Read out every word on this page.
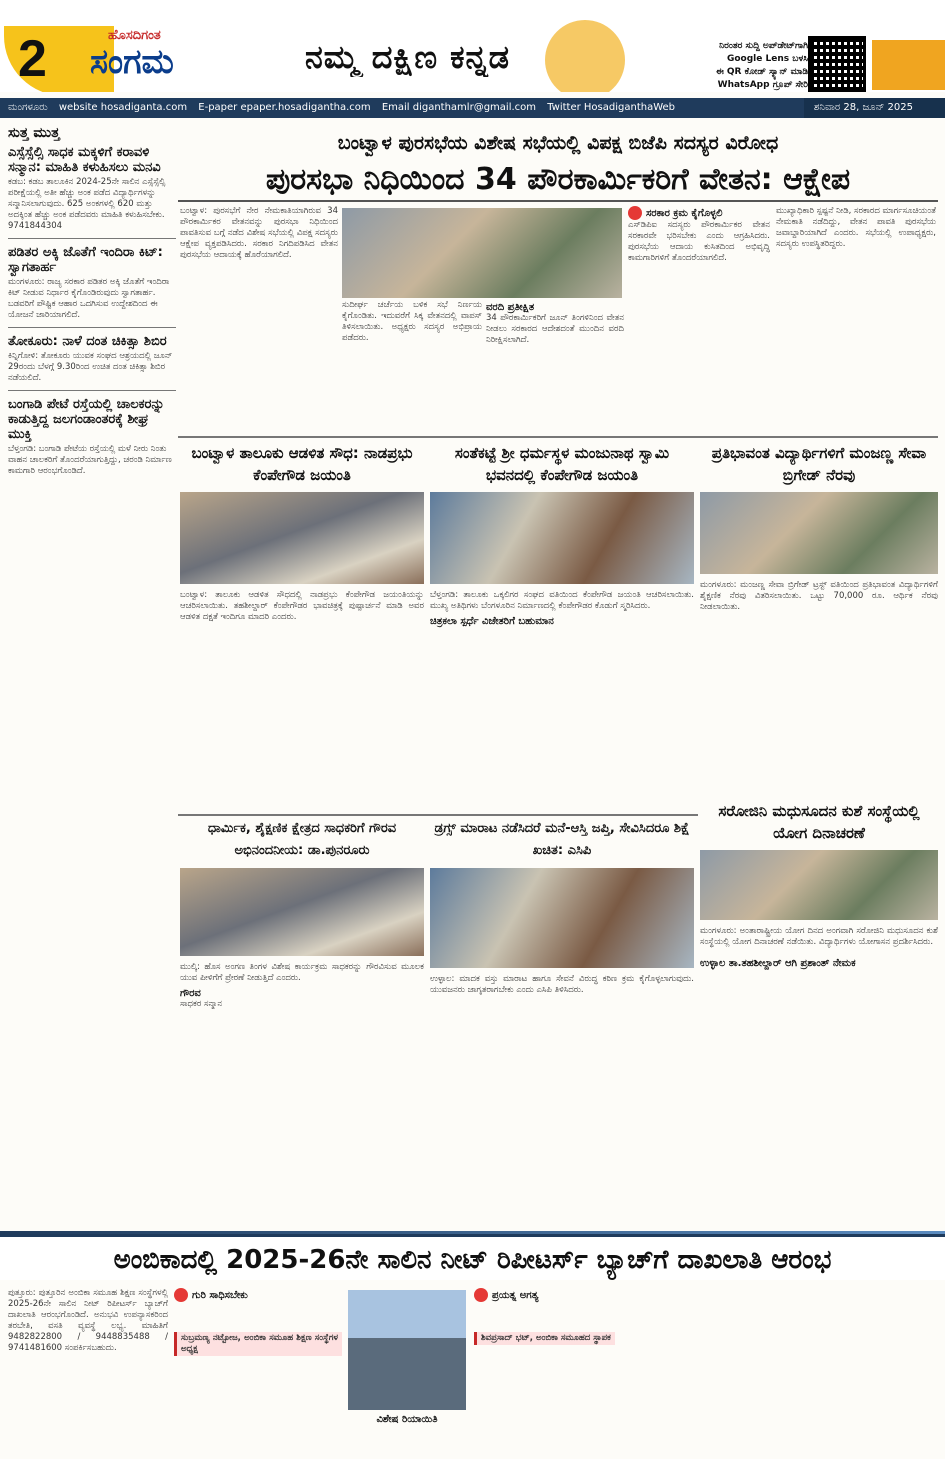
2	ಹೊಸದಿಗಂತ
ಸಂಗಮ	ನಮ್ಮ ದಕ್ಷಿಣ ಕನ್ನಡ	ನಿರಂತರ ಸುದ್ದಿ ಅಪ್‌ಡೇಟ್‌ಗಾಗಿ
Google Lens ಬಳಸಿ
ಈ QR ಕೋಡ್ ಸ್ಕ್ಯಾನ್ ಮಾಡಿ
WhatsApp ಗ್ರೂಪ್ ಸೇರಿ
ಮಂಗಳೂರು website hosadiganta.com E-paper epaper.hosadigantha.com Email diganthamlr@gmail.com Twitter HosadiganthaWeb	ಶನಿವಾರ 28, ಜೂನ್ 2025
ಸುತ್ತ ಮುತ್ತ
ಎಸ್ಸೆಸ್ಸೆಲ್ಸಿ ಸಾಧಕ ಮಕ್ಕಳಿಗೆ ಕರಾವಳಿ ಸನ್ಮಾನ: ಮಾಹಿತಿ ಕಳುಹಿಸಲು ಮನವಿ

ಕಡಬ: ಕಡಬ ತಾಲೂಕಿನ 2024-25ನೇ ಸಾಲಿನ ಎಸ್ಸೆಸ್ಸೆಲ್ಸಿ ಪರೀಕ್ಷೆಯಲ್ಲಿ ಅತೀ ಹೆಚ್ಚು ಅಂಕ ಪಡೆದ ವಿದ್ಯಾರ್ಥಿಗಳನ್ನು ಸನ್ಮಾನಿಸಲಾಗುವುದು. 625 ಅಂಕಗಳಲ್ಲಿ 620 ಮತ್ತು ಅದಕ್ಕಿಂತ ಹೆಚ್ಚು ಅಂಕ ಪಡೆದವರು ಮಾಹಿತಿ ಕಳುಹಿಸಬೇಕು. 9741844304

ಪಡಿತರ ಅಕ್ಕಿ ಜೊತೆಗೆ ಇಂದಿರಾ ಕಿಟ್: ಸ್ವಾಗತಾರ್ಹ

ಮಂಗಳೂರು: ರಾಜ್ಯ ಸರಕಾರ ಪಡಿತರ ಅಕ್ಕಿ ಜೊತೆಗೆ ಇಂದಿರಾ ಕಿಟ್ ನೀಡುವ ನಿರ್ಧಾರ ಕೈಗೊಂಡಿರುವುದು ಸ್ವಾಗತಾರ್ಹ. ಬಡವರಿಗೆ ಪೌಷ್ಟಿಕ ಆಹಾರ ಒದಗಿಸುವ ಉದ್ದೇಶದಿಂದ ಈ ಯೋಜನೆ ಜಾರಿಯಾಗಲಿದೆ.

ತೋಕೂರು: ನಾಳೆ ದಂತ ಚಿಕಿತ್ಸಾ ಶಿಬಿರ

ಕಿನ್ನಿಗೋಳಿ: ತೋಕೂರು ಯುವಕ ಸಂಘದ ಆಶ್ರಯದಲ್ಲಿ ಜೂನ್ 29ರಂದು ಬೆಳಗ್ಗೆ 9.30ರಿಂದ ಉಚಿತ ದಂತ ಚಿಕಿತ್ಸಾ ಶಿಬಿರ ನಡೆಯಲಿದೆ.

ಬಂಗಾಡಿ ಪೇಟೆ ರಸ್ತೆಯಲ್ಲಿ ಚಾಲಕರನ್ನು ಕಾಡುತ್ತಿದ್ದ ಜಲಗಂಡಾಂತರಕ್ಕೆ ಶೀಘ್ರ ಮುಕ್ತಿ

ಬೆಳ್ತಂಗಡಿ: ಬಂಗಾಡಿ ಪೇಟೆಯ ರಸ್ತೆಯಲ್ಲಿ ಮಳೆ ನೀರು ನಿಂತು ವಾಹನ ಚಾಲಕರಿಗೆ ತೊಂದರೆಯಾಗುತ್ತಿದ್ದು, ಚರಂಡಿ ನಿರ್ಮಾಣ ಕಾಮಗಾರಿ ಆರಂಭಗೊಂಡಿದೆ.

ಬಂಟ್ವಾಳ ಪುರಸಭೆಯ ವಿಶೇಷ ಸಭೆಯಲ್ಲಿ ವಿಪಕ್ಷ ಬಿಜೆಪಿ ಸದಸ್ಯರ ವಿರೋಧ
ಪುರಸಭಾ ನಿಧಿಯಿಂದ 34 ಪೌರಕಾರ್ಮಿಕರಿಗೆ ವೇತನ: ಆಕ್ಷೇಪ
ಬಂಟ್ವಾಳ: ಪುರಸಭೆಗೆ ನೇರ ನೇಮಕಾತಿಯಾಗಿರುವ 34 ಪೌರಕಾರ್ಮಿಕರ ವೇತನವನ್ನು ಪುರಸಭಾ ನಿಧಿಯಿಂದ ಪಾವತಿಸುವ ಬಗ್ಗೆ ನಡೆದ ವಿಶೇಷ ಸಭೆಯಲ್ಲಿ ವಿಪಕ್ಷ ಸದಸ್ಯರು ಆಕ್ಷೇಪ ವ್ಯಕ್ತಪಡಿಸಿದರು. ಸರಕಾರ ನಿಗದಿಪಡಿಸಿದ ವೇತನ ಪುರಸಭೆಯ ಆದಾಯಕ್ಕೆ ಹೊರೆಯಾಗಲಿದೆ.
ಸುದೀರ್ಘ ಚರ್ಚೆಯ ಬಳಿಕ ಸಭೆ ನಿರ್ಣಯ ಕೈಗೊಂಡಿತು. ಇದುವರೆಗೆ ಸಿಕ್ಕ ವೇತನದಲ್ಲಿ ವಾಪಸ್ ತಿಳಿಸಲಾಯಿತು. ಅಧ್ಯಕ್ಷರು ಸದಸ್ಯರ ಅಭಿಪ್ರಾಯ ಪಡೆದರು.
ವರದಿ ಪ್ರತೀಕ್ಷಿತ
34 ಪೌರಕಾರ್ಮಿಕರಿಗೆ ಜೂನ್ ತಿಂಗಳಿನಿಂದ ವೇತನ ನೀಡಲು ಸರಕಾರದ ಆದೇಶದಂತೆ ಮುಂದಿನ ವರದಿ ನಿರೀಕ್ಷಿಸಲಾಗಿದೆ.
ಸರಕಾರ ಕ್ರಮ ಕೈಗೊಳ್ಳಲಿ
ಎಸ್‌ಡಿಪಿಐ ಸದಸ್ಯರು ಪೌರಕಾರ್ಮಿಕರ ವೇತನ ಸರಕಾರವೇ ಭರಿಸಬೇಕು ಎಂದು ಆಗ್ರಹಿಸಿದರು. ಪುರಸಭೆಯ ಆದಾಯ ಕುಸಿತದಿಂದ ಅಭಿವೃದ್ಧಿ ಕಾಮಗಾರಿಗಳಿಗೆ ತೊಂದರೆಯಾಗಲಿದೆ.
ಮುಖ್ಯಾಧಿಕಾರಿ ಸ್ಪಷ್ಟನೆ ನೀಡಿ, ಸರಕಾರದ ಮಾರ್ಗಸೂಚಿಯಂತೆ ನೇಮಕಾತಿ ನಡೆದಿದ್ದು, ವೇತನ ಪಾವತಿ ಪುರಸಭೆಯ ಜವಾಬ್ದಾರಿಯಾಗಿದೆ ಎಂದರು. ಸಭೆಯಲ್ಲಿ ಉಪಾಧ್ಯಕ್ಷರು, ಸದಸ್ಯರು ಉಪಸ್ಥಿತರಿದ್ದರು.
ಬಂಟ್ವಾಳ ತಾಲೂಕು ಆಡಳಿತ ಸೌಧ: ನಾಡಪ್ರಭು ಕೆಂಪೇಗೌಡ ಜಯಂತಿ
ಬಂಟ್ವಾಳ: ತಾಲೂಕು ಆಡಳಿತ ಸೌಧದಲ್ಲಿ ನಾಡಪ್ರಭು ಕೆಂಪೇಗೌಡ ಜಯಂತಿಯನ್ನು ಆಚರಿಸಲಾಯಿತು. ತಹಶೀಲ್ದಾರ್ ಕೆಂಪೇಗೌಡರ ಭಾವಚಿತ್ರಕ್ಕೆ ಪುಷ್ಪಾರ್ಚನೆ ಮಾಡಿ ಅವರ ಆಡಳಿತ ದಕ್ಷತೆ ಇಂದಿಗೂ ಮಾದರಿ ಎಂದರು.
ಸಂತೆಕಟ್ಟೆ ಶ್ರೀ ಧರ್ಮಸ್ಥಳ ಮಂಜುನಾಥ ಸ್ವಾಮಿ ಭವನದಲ್ಲಿ ಕೆಂಪೇಗೌಡ ಜಯಂತಿ
ಬೆಳ್ತಂಗಡಿ: ತಾಲೂಕು ಒಕ್ಕಲಿಗರ ಸಂಘದ ವತಿಯಿಂದ ಕೆಂಪೇಗೌಡ ಜಯಂತಿ ಆಚರಿಸಲಾಯಿತು. ಮುಖ್ಯ ಅತಿಥಿಗಳು ಬೆಂಗಳೂರಿನ ನಿರ್ಮಾಣದಲ್ಲಿ ಕೆಂಪೇಗೌಡರ ಕೊಡುಗೆ ಸ್ಮರಿಸಿದರು.
ಚಿತ್ರಕಲಾ ಸ್ಪರ್ಧೆ ವಿಜೇತರಿಗೆ ಬಹುಮಾನ
ಪ್ರತಿಭಾವಂತ ವಿದ್ಯಾರ್ಥಿಗಳಿಗೆ ಮಂಜಣ್ಣ ಸೇವಾ ಬ್ರಿಗೇಡ್ ನೆರವು
ಮಂಗಳೂರು: ಮಂಜಣ್ಣ ಸೇವಾ ಬ್ರಿಗೇಡ್ ಟ್ರಸ್ಟ್ ವತಿಯಿಂದ ಪ್ರತಿಭಾವಂತ ವಿದ್ಯಾರ್ಥಿಗಳಿಗೆ ಶೈಕ್ಷಣಿಕ ನೆರವು ವಿತರಿಸಲಾಯಿತು. ಒಟ್ಟು 70,000 ರೂ. ಆರ್ಥಿಕ ನೆರವು ನೀಡಲಾಯಿತು.
ಧಾರ್ಮಿಕ, ಶೈಕ್ಷಣಿಕ ಕ್ಷೇತ್ರದ ಸಾಧಕರಿಗೆ ಗೌರವ ಅಭಿನಂದನೀಯ: ಡಾ.ಪುನರೂರು
ಮುಲ್ಕಿ: ಹೊಸ ಅಂಗಣ ತಿಂಗಳ ವಿಶೇಷ ಕಾರ್ಯಕ್ರಮ ಸಾಧಕರನ್ನು ಗೌರವಿಸುವ ಮೂಲಕ ಯುವ ಪೀಳಿಗೆಗೆ ಪ್ರೇರಣೆ ನೀಡುತ್ತಿದೆ ಎಂದರು.
ಗೌರವ
ಸಾಧಕರ ಸನ್ಮಾನ
ಡ್ರಗ್ಸ್ ಮಾರಾಟ ನಡೆಸಿದರೆ ಮನೆ-ಆಸ್ತಿ ಜಪ್ತಿ, ಸೇವಿಸಿದರೂ ಶಿಕ್ಷೆ ಖಚಿತ: ಎಸಿಪಿ
ಉಳ್ಳಾಲ: ಮಾದಕ ವಸ್ತು ಮಾರಾಟ ಹಾಗೂ ಸೇವನೆ ವಿರುದ್ಧ ಕಠಿಣ ಕ್ರಮ ಕೈಗೊಳ್ಳಲಾಗುವುದು. ಯುವಜನರು ಜಾಗೃತರಾಗಬೇಕು ಎಂದು ಎಸಿಪಿ ತಿಳಿಸಿದರು.
ಸರೋಜಿನಿ ಮಧುಸೂದನ ಕುಶೆ ಸಂಸ್ಥೆಯಲ್ಲಿ ಯೋಗ ದಿನಾಚರಣೆ
ಮಂಗಳೂರು: ಅಂತಾರಾಷ್ಟ್ರೀಯ ಯೋಗ ದಿನದ ಅಂಗವಾಗಿ ಸರೋಜಿನಿ ಮಧುಸೂದನ ಕುಶೆ ಸಂಸ್ಥೆಯಲ್ಲಿ ಯೋಗ ದಿನಾಚರಣೆ ನಡೆಯಿತು. ವಿದ್ಯಾರ್ಥಿಗಳು ಯೋಗಾಸನ ಪ್ರದರ್ಶಿಸಿದರು.
ಉಳ್ಳಾಲ ತಾ.ತಹಶೀಲ್ದಾರ್ ಆಗಿ ಪ್ರಶಾಂತ್ ನೇಮಕ
ಅಂಬಿಕಾದಲ್ಲಿ 2025-26ನೇ ಸಾಲಿನ ನೀಟ್ ರಿಪೀಟರ್ಸ್ ಬ್ಯಾಚ್‌ಗೆ ದಾಖಲಾತಿ ಆರಂಭ
ಪುತ್ತೂರು: ಪುತ್ತೂರಿನ ಅಂಬಿಕಾ ಸಮೂಹ ಶಿಕ್ಷಣ ಸಂಸ್ಥೆಗಳಲ್ಲಿ 2025-26ನೇ ಸಾಲಿನ ನೀಟ್ ರಿಪೀಟರ್ಸ್ ಬ್ಯಾಚ್‌ಗೆ ದಾಖಲಾತಿ ಆರಂಭಗೊಂಡಿದೆ. ಅನುಭವಿ ಉಪನ್ಯಾಸಕರಿಂದ ತರಬೇತಿ, ವಸತಿ ವ್ಯವಸ್ಥೆ ಲಭ್ಯ. ಮಾಹಿತಿಗೆ 9482822800 / 9448835488 / 9741481600 ಸಂಪರ್ಕಿಸಬಹುದು.
ಗುರಿ ಸಾಧಿಸಬೇಕು
ಸುಬ್ರಮಣ್ಯ ನಟ್ಟೋಜ, ಅಂಬಿಕಾ ಸಮೂಹ ಶಿಕ್ಷಣ ಸಂಸ್ಥೆಗಳ ಅಧ್ಯಕ್ಷ
ವಿಶೇಷ ರಿಯಾಯಿತಿ
ಪ್ರಯತ್ನ ಅಗತ್ಯ
ಶಿವಪ್ರಸಾದ್ ಭಟ್, ಅಂಬಿಕಾ ಸಮೂಹದ ಸ್ಥಾಪಕ
